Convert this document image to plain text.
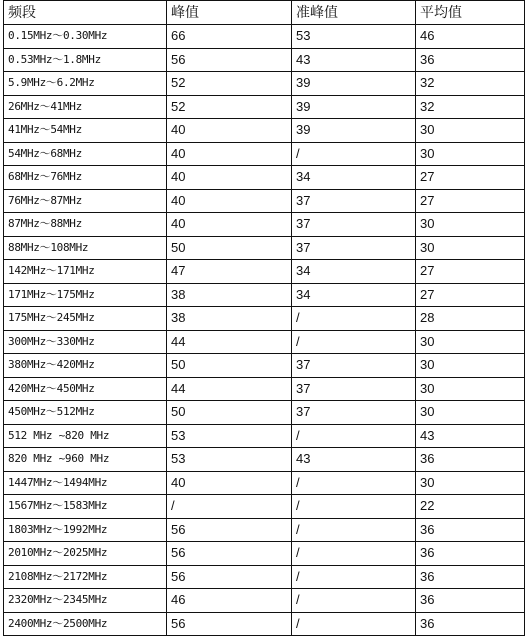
频段	峰值	准峰值	平均值
0.15MHz～0.30MHz	66	53	46
0.53MHz～1.8MHz	56	43	36
5.9MHz～6.2MHz	52	39	32
26MHz～41MHz	52	39	32
41MHz～54MHz	40	39	30
54MHz～68MHz	40	/	30
68MHz～76MHz	40	34	27
76MHz～87MHz	40	37	27
87MHz～88MHz	40	37	30
88MHz～108MHz	50	37	30
142MHz～171MHz	47	34	27
171MHz～175MHz	38	34	27
175MHz～245MHz	38	/	28
300MHz～330MHz	44	/	30
380MHz～420MHz	50	37	30
420MHz～450MHz	44	37	30
450MHz～512MHz	50	37	30
512 MHz ~820 MHz	53	/	43
820 MHz ~960 MHz	53	43	36
1447MHz～1494MHz	40	/	30
1567MHz～1583MHz	/	/	22
1803MHz～1992MHz	56	/	36
2010MHz～2025MHz	56	/	36
2108MHz～2172MHz	56	/	36
2320MHz～2345MHz	46	/	36
2400MHz～2500MHz	56	/	36
